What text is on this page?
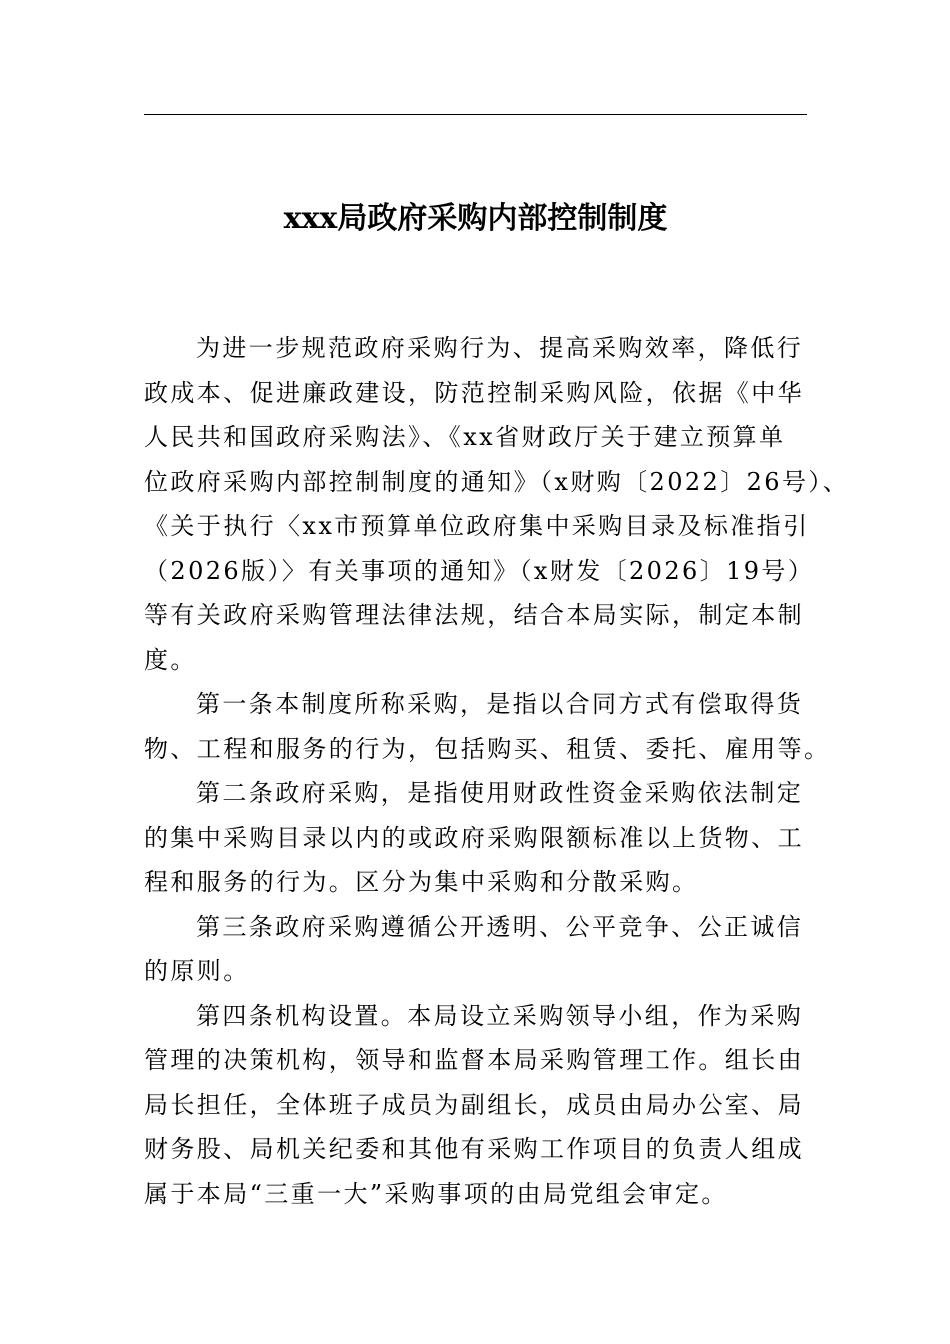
xxx局政府采购内部控制制度

为进一步规范政府采购行为、提高采购效率，降低行
政成本、促进廉政建设，防范控制采购风险，依据《中华
人民共和国政府采购法》、《xx省财政厅关于建立预算单
位政府采购内部控制制度的通知》（x财购〔2022〕26号）、
《关于执行〈xx市预算单位政府集中采购目录及标准指引
（2026版）〉有关事项的通知》（x财发〔2026〕19号）
等有关政府采购管理法律法规，结合本局实际，制定本制
度。

第一条本制度所称采购，是指以合同方式有偿取得货
物、工程和服务的行为，包括购买、租赁、委托、雇用等。

第二条政府采购，是指使用财政性资金采购依法制定
的集中采购目录以内的或政府采购限额标准以上货物、工
程和服务的行为。区分为集中采购和分散采购。

第三条政府采购遵循公开透明、公平竞争、公正诚信
的原则。

第四条机构设置。本局设立采购领导小组，作为采购
管理的决策机构，领导和监督本局采购管理工作。组长由
局长担任，全体班子成员为副组长，成员由局办公室、局
财务股、局机关纪委和其他有采购工作项目的负责人组成
属于本局“三重一大”采购事项的由局党组会审定。
